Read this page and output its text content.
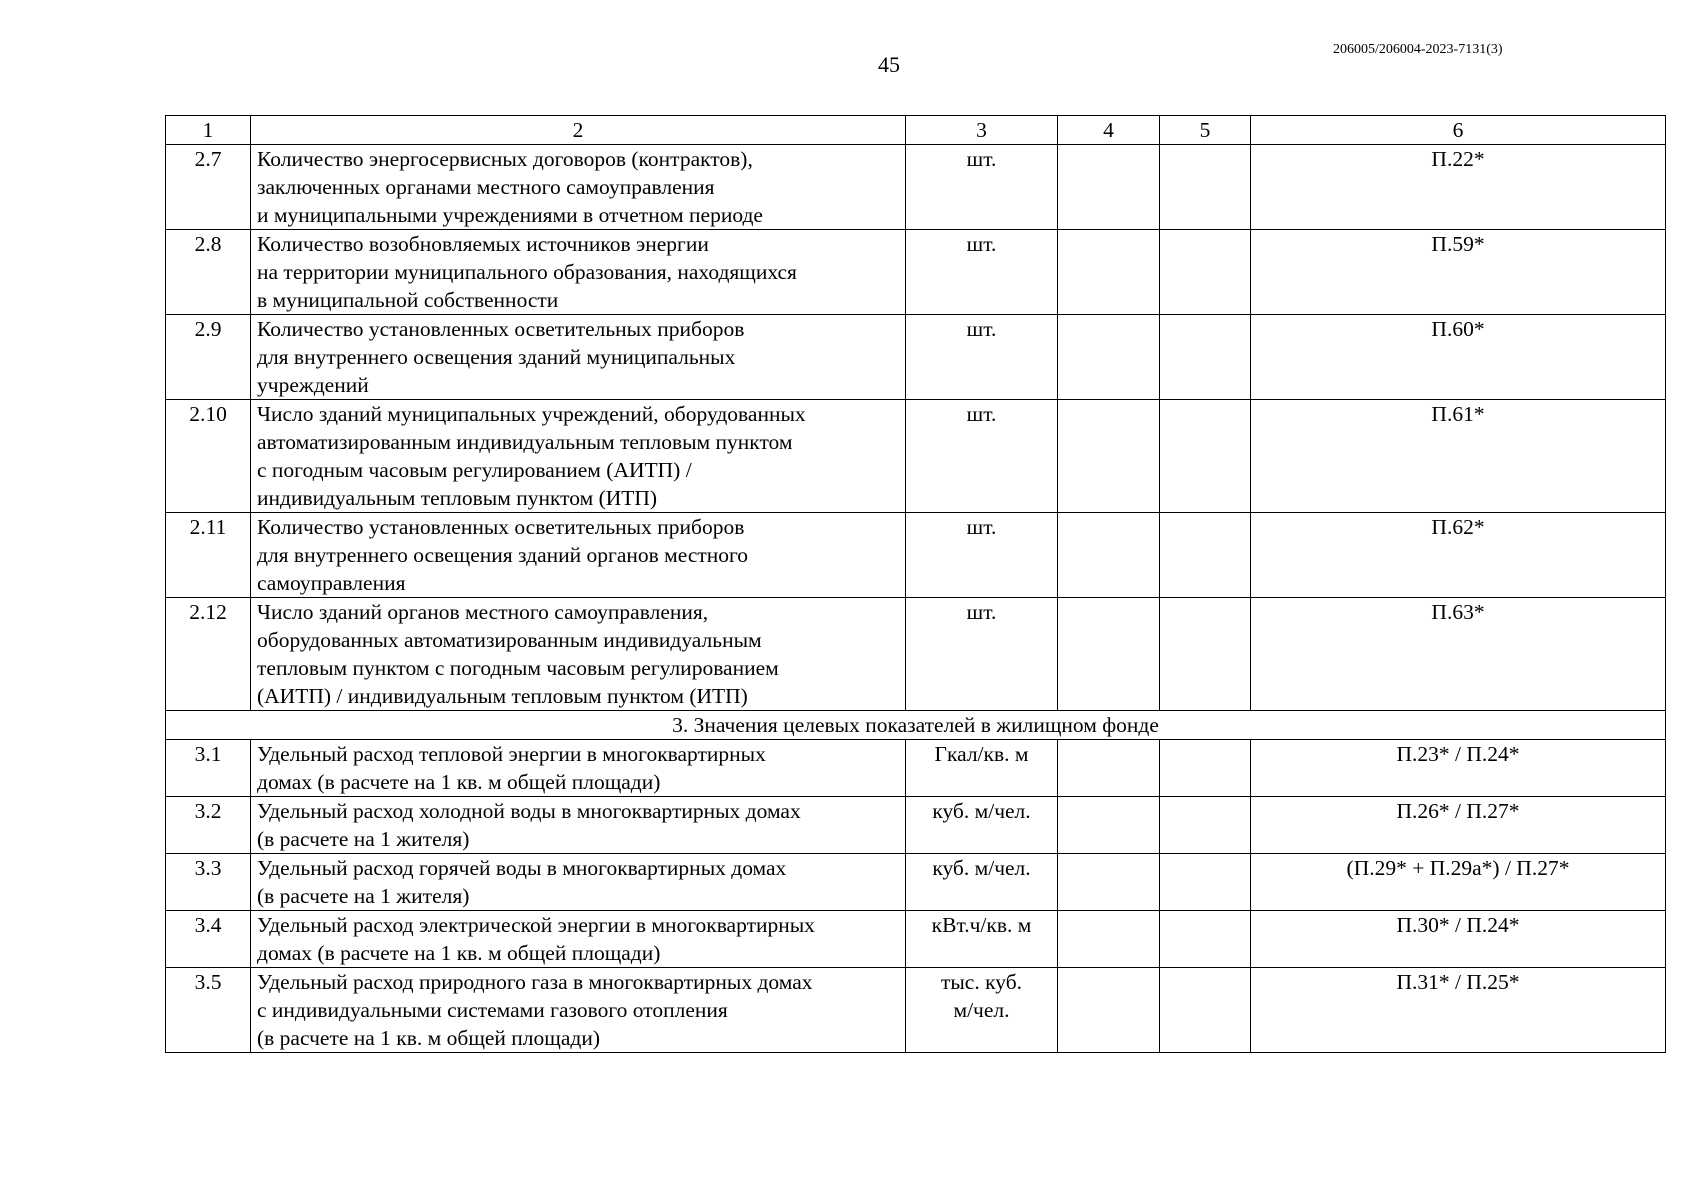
206005/206004-2023-7131(3)
45
1	2	3	4	5	6
2.7	Количество энергосервисных договоров (контрактов),
заключенных органами местного самоуправления
и муниципальными учреждениями в отчетном периоде	шт.			П.22*
2.8	Количество возобновляемых источников энергии
на территории муниципального образования, находящихся
в муниципальной собственности	шт.			П.59*
2.9	Количество установленных осветительных приборов
для внутреннего освещения зданий муниципальных
учреждений	шт.			П.60*
2.10	Число зданий муниципальных учреждений, оборудованных
автоматизированным индивидуальным тепловым пунктом
с погодным часовым регулированием (АИТП) /
индивидуальным тепловым пунктом (ИТП)	шт.			П.61*
2.11	Количество установленных осветительных приборов
для внутреннего освещения зданий органов местного
самоуправления	шт.			П.62*
2.12	Число зданий органов местного самоуправления,
оборудованных автоматизированным индивидуальным
тепловым пунктом с погодным часовым регулированием
(АИТП) / индивидуальным тепловым пунктом (ИТП)	шт.			П.63*
3. Значения целевых показателей в жилищном фонде					
3.1	Удельный расход тепловой энергии в многоквартирных
домах (в расчете на 1 кв. м общей площади)	Гкал/кв. м			П.23* / П.24*
3.2	Удельный расход холодной воды в многоквартирных домах
(в расчете на 1 жителя)	куб. м/чел.			П.26* / П.27*
3.3	Удельный расход горячей воды в многоквартирных домах
(в расчете на 1 жителя)	куб. м/чел.			(П.29* + П.29а*) / П.27*
3.4	Удельный расход электрической энергии в многоквартирных
домах (в расчете на 1 кв. м общей площади)	кВт.ч/кв. м			П.30* / П.24*
3.5	Удельный расход природного газа в многоквартирных домах
с индивидуальными системами газового отопления
(в расчете на 1 кв. м общей площади)	тыс. куб.
м/чел.			П.31* / П.25*
